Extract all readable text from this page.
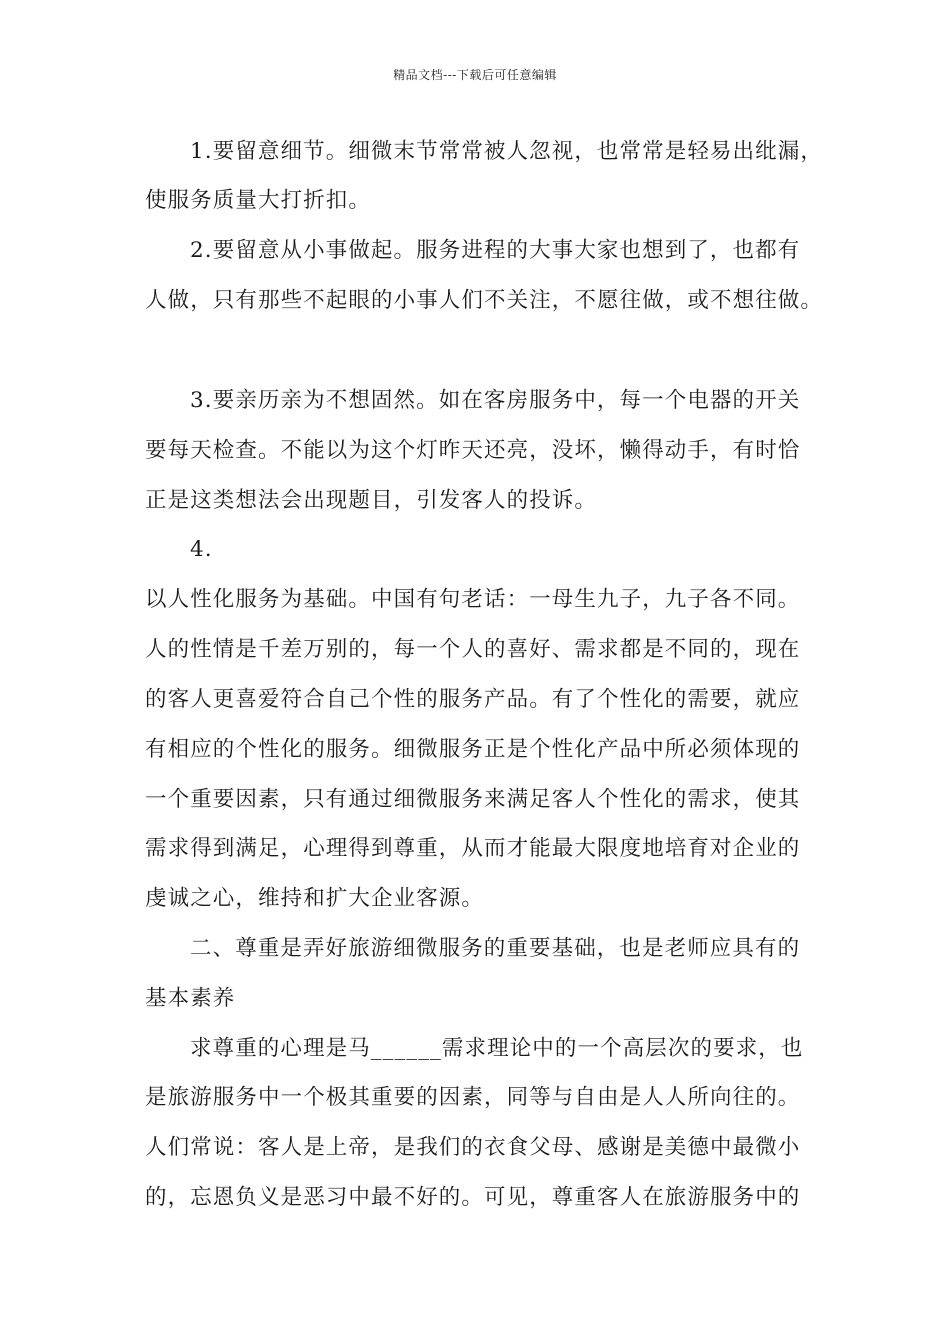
精品文档---下载后可任意编辑
1.要留意细节。细微末节常常被人忽视，也常常是轻易出纰漏，
使服务质量大打折扣。
2.要留意从小事做起。服务进程的大事大家也想到了，也都有
人做，只有那些不起眼的小事人们不关注，不愿往做，或不想往做。
3.要亲历亲为不想固然。如在客房服务中，每一个电器的开关
要每天检查。不能以为这个灯昨天还亮，没坏，懒得动手，有时恰
正是这类想法会出现题目，引发客人的投诉。
4.
以人性化服务为基础。中国有句老话：一母生九子，九子各不同。
人的性情是千差万别的，每一个人的喜好、需求都是不同的，现在
的客人更喜爱符合自己个性的服务产品。有了个性化的需要，就应
有相应的个性化的服务。细微服务正是个性化产品中所必须体现的
一个重要因素，只有通过细微服务来满足客人个性化的需求，使其
需求得到满足，心理得到尊重，从而才能最大限度地培育对企业的
虔诚之心，维持和扩大企业客源。
二、尊重是弄好旅游细微服务的重要基础，也是老师应具有的
基本素养
求尊重的心理是马______需求理论中的一个高层次的要求，也
是旅游服务中一个极其重要的因素，同等与自由是人人所向往的。
人们常说：客人是上帝，是我们的衣食父母、感谢是美德中最微小
的，忘恩负义是恶习中最不好的。可见，尊重客人在旅游服务中的
